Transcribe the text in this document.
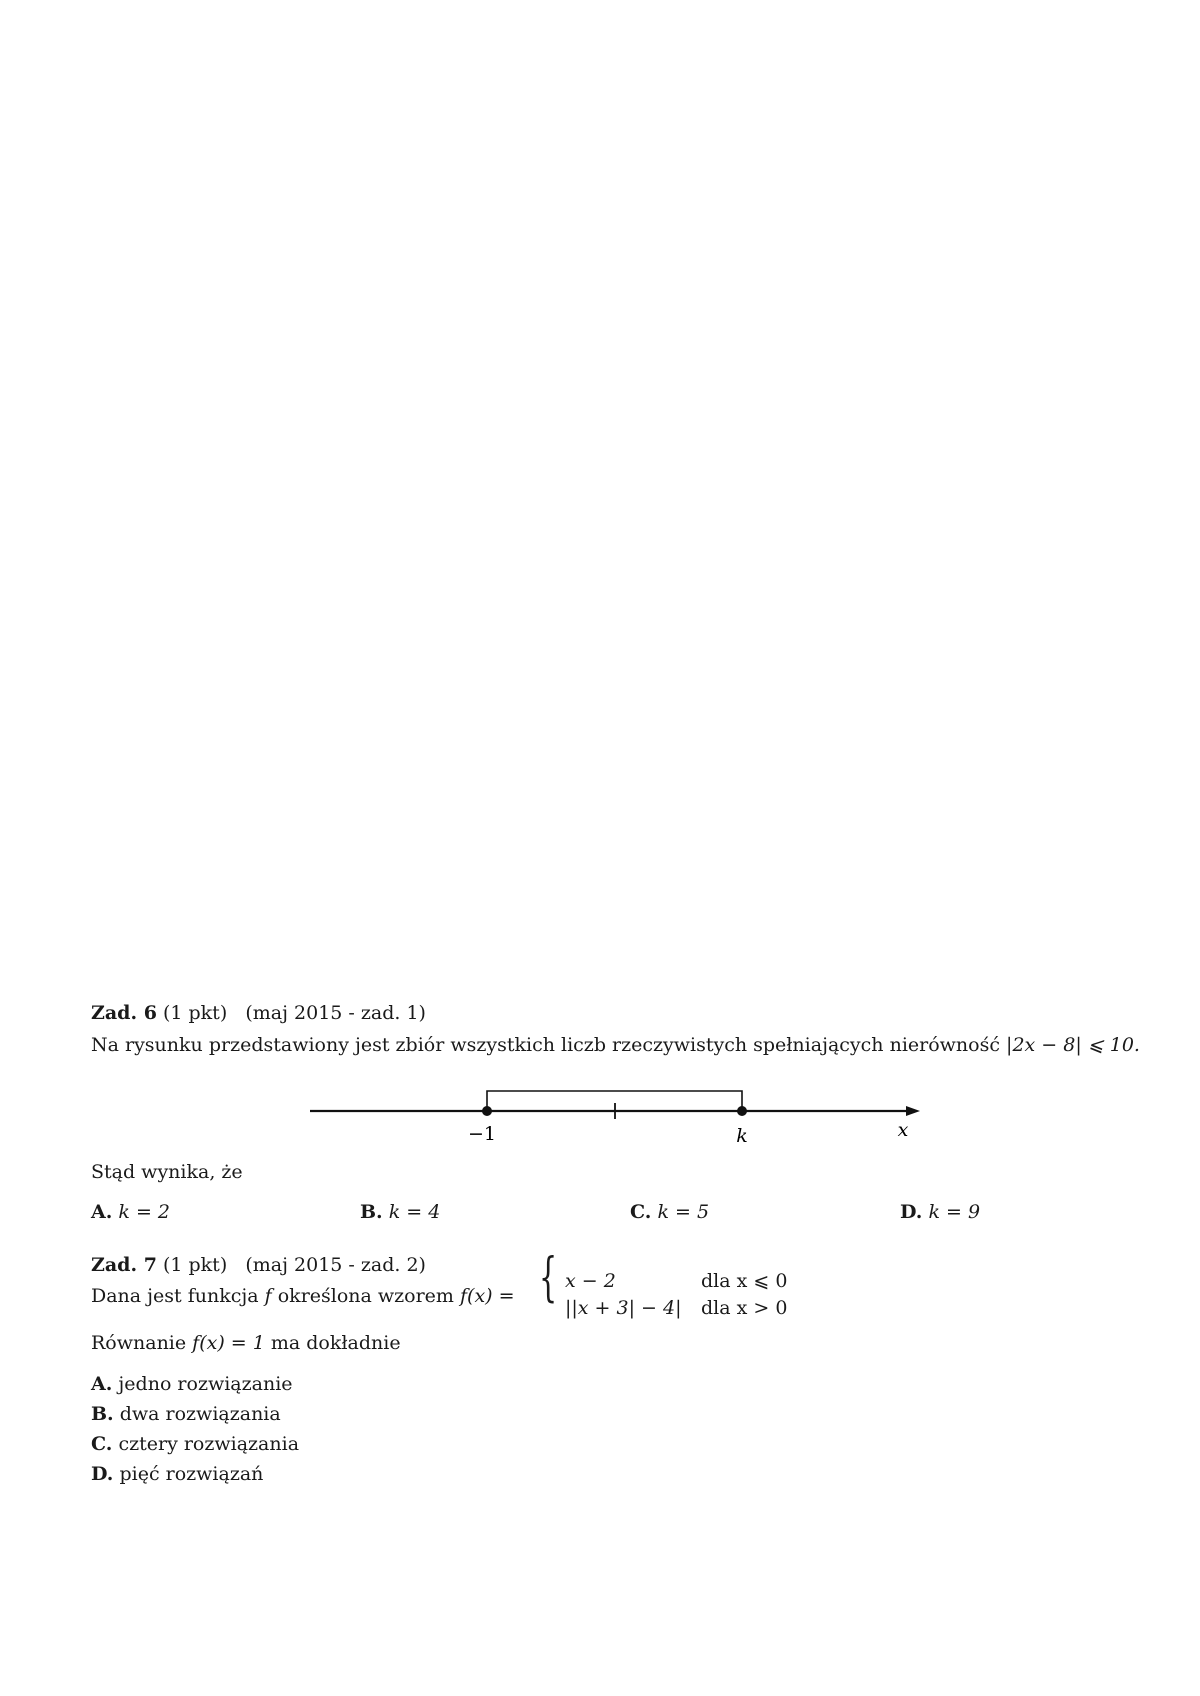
Zad. 6 (1 pkt)   (maj 2015 - zad. 1)
Na rysunku przedstawiony jest zbiór wszystkich liczb rzeczywistych spełniających nierówność |2x − 8| ⩽ 10.
−1	k	x
Stąd wynika, że
A. k = 2	B. k = 4	C. k = 5	D. k = 9
Zad. 7 (1 pkt)   (maj 2015 - zad. 2)
Dana jest funkcja f określona wzorem f(x) = { x − 2	dla x ⩽ 0
||x + 3| − 4| dla x > 0
Równanie f(x) = 1 ma dokładnie
A. jedno rozwiązanie
B. dwa rozwiązania
C. cztery rozwiązania
D. pięć rozwiązań
